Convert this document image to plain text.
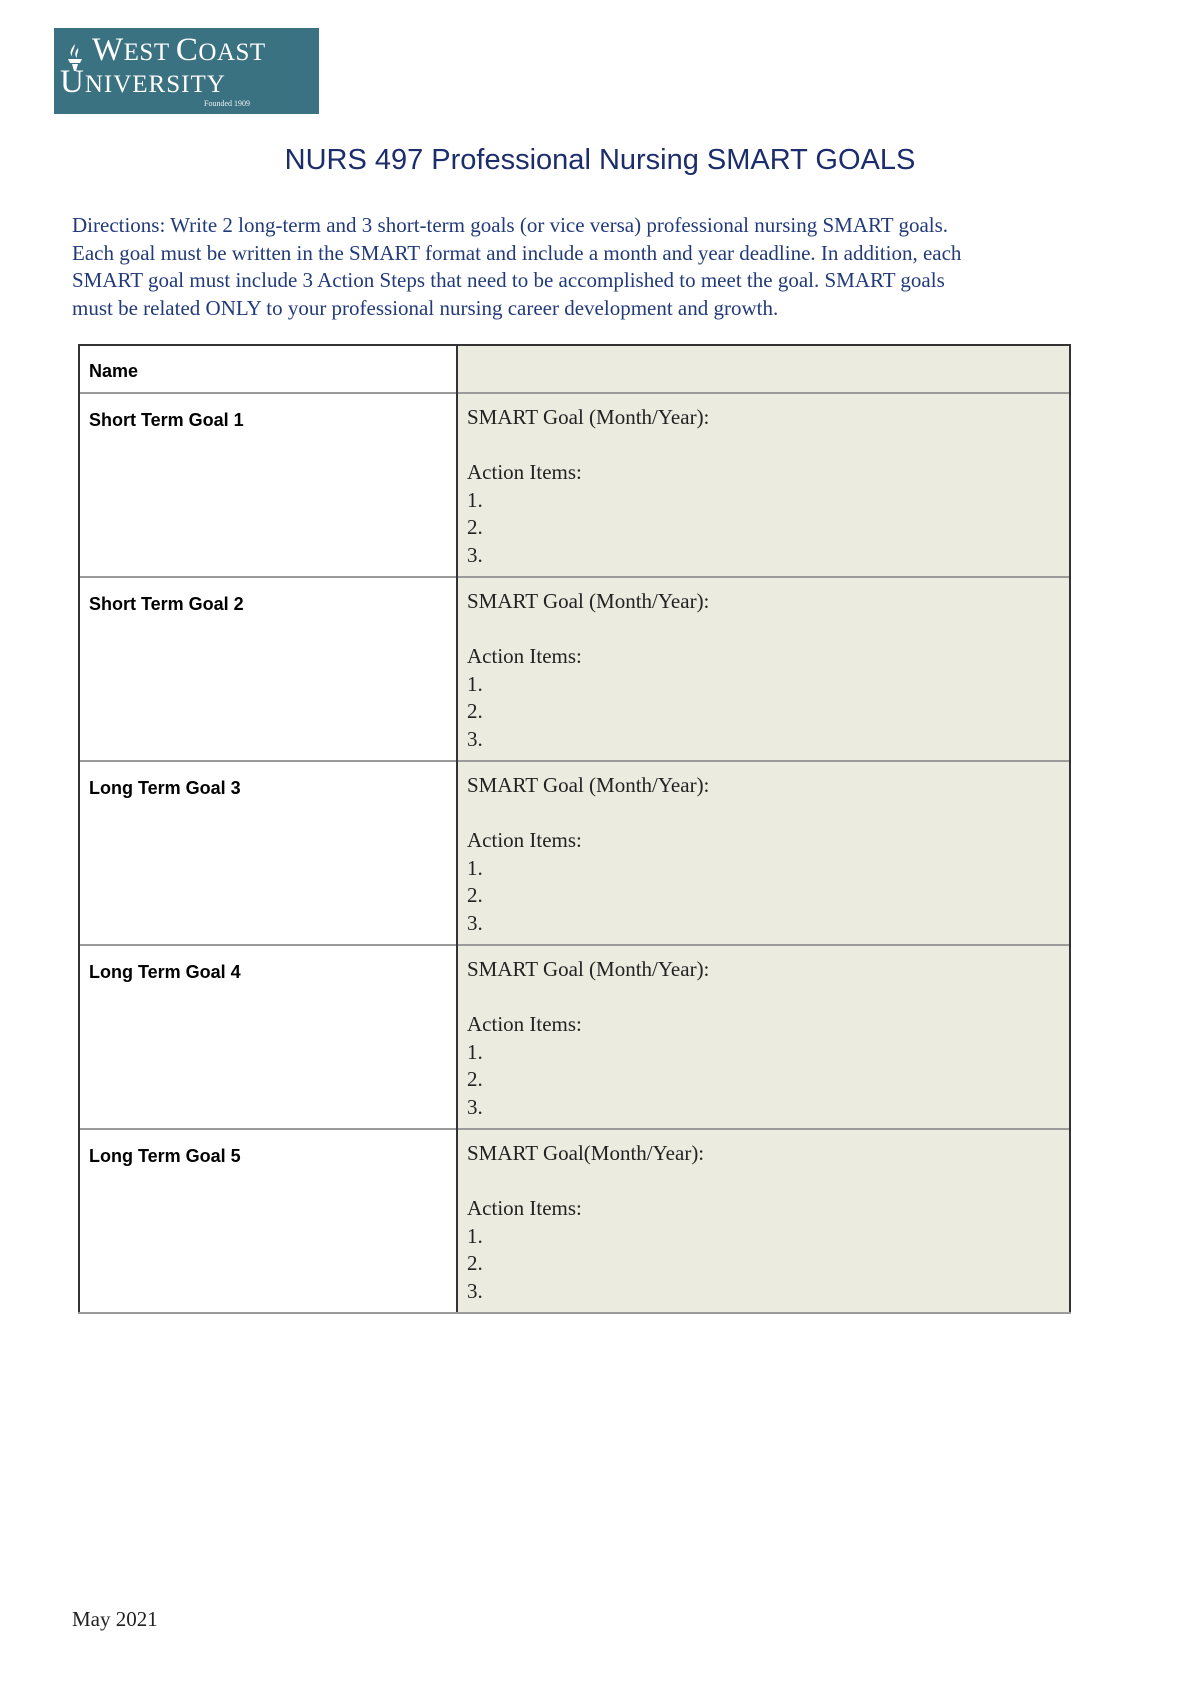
WEST COAST
UNIVERSITY
Founded 1909
NURS 497 Professional Nursing SMART GOALS
Directions: Write 2 long-term and 3 short-term goals (or vice versa) professional nursing SMART goals.
Each goal must be written in the SMART format and include a month and year deadline. In addition, each
SMART goal must include 3 Action Steps that need to be accomplished to meet the goal. SMART goals
must be related ONLY to your professional nursing career development and growth.
Name	

Short Term Goal 1	SMART Goal (Month/Year):
Action Items:
1.
2.
3.

Short Term Goal 2	SMART Goal (Month/Year):
Action Items:
1.
2.
3.

Long Term Goal 3	SMART Goal (Month/Year):
Action Items:
1.
2.
3.

Long Term Goal 4	SMART Goal (Month/Year):
Action Items:
1.
2.
3.

Long Term Goal 5	SMART Goal(Month/Year):
Action Items:
1.
2.
3.
May 2021
